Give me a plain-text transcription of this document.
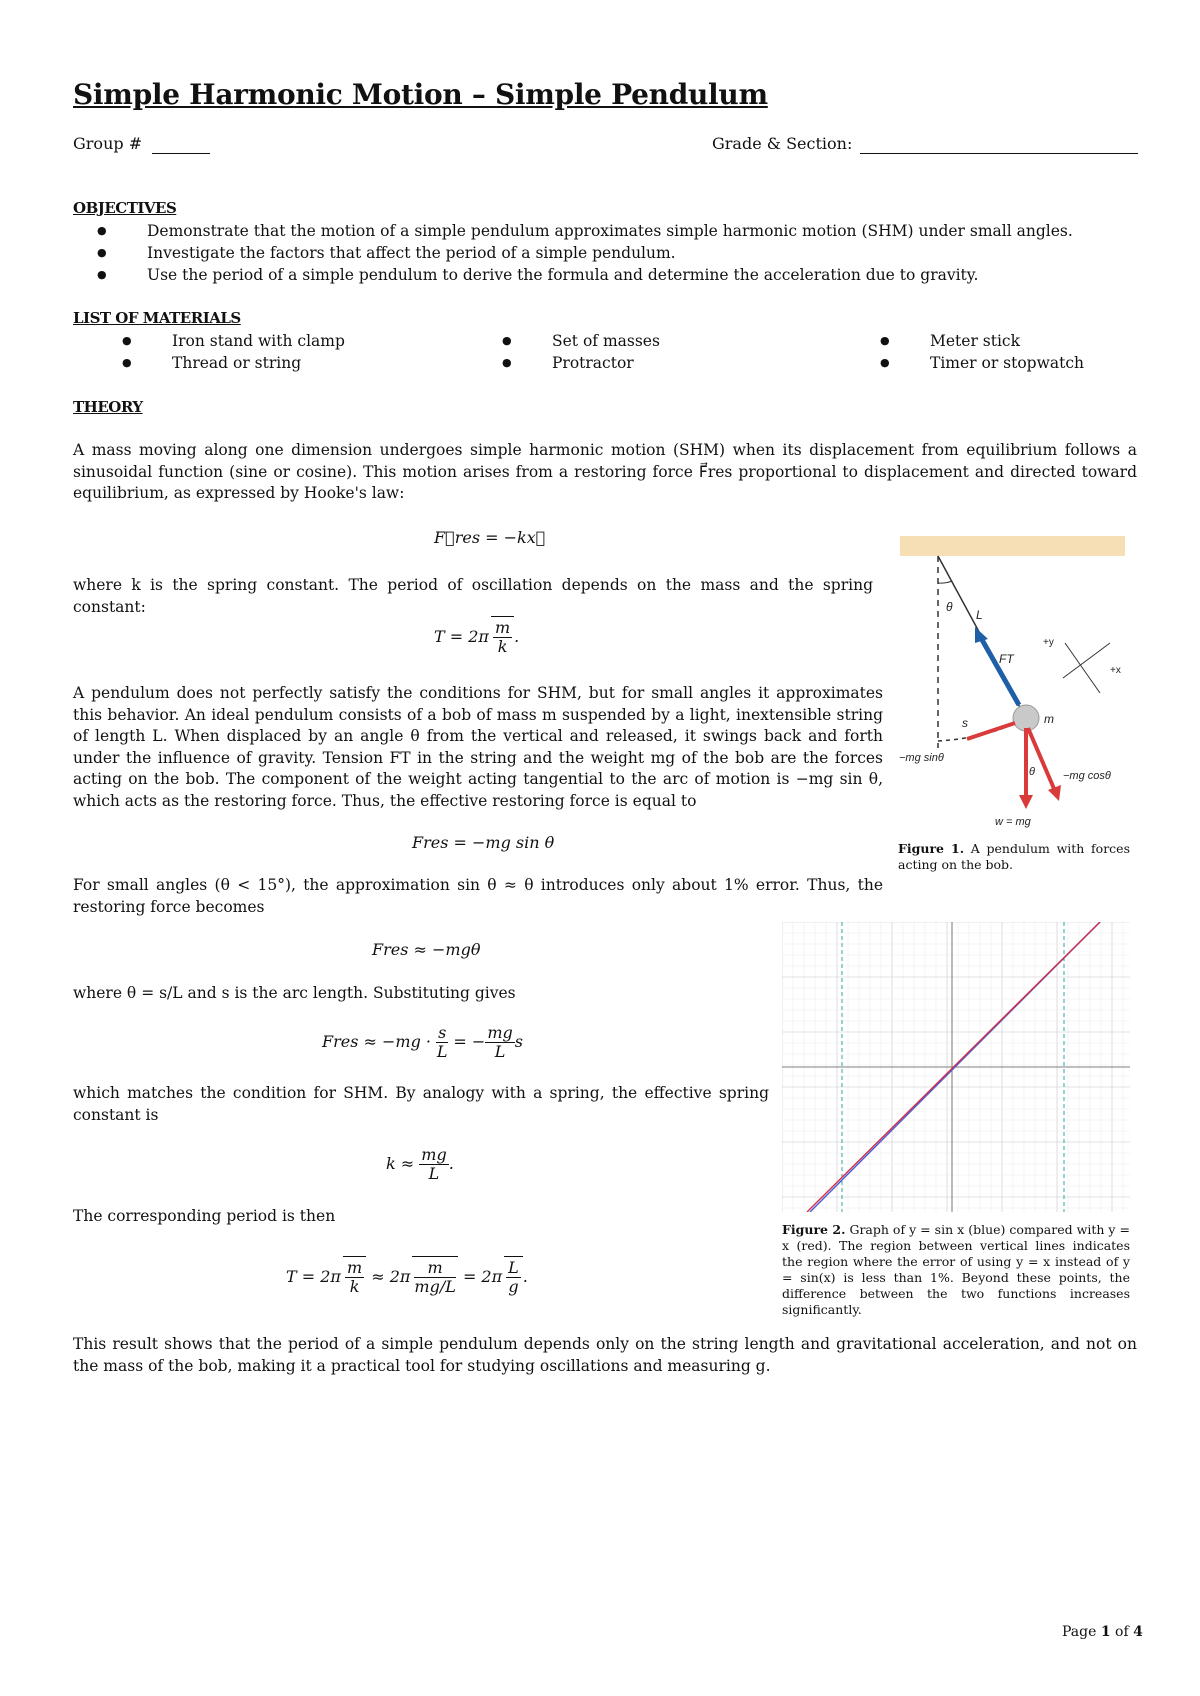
Simple Harmonic Motion – Simple Pendulum
Group #	Grade & Section:
OBJECTIVES
● Demonstrate that the motion of a simple pendulum approximates simple harmonic motion (SHM) under small angles.
● Investigate the factors that affect the period of a simple pendulum.
● Use the period of a simple pendulum to derive the formula and determine the acceleration due to gravity.
LIST OF MATERIALS
● Iron stand with clamp
● Thread or string
● Set of masses
● Protractor
● Meter stick
● Timer or stopwatch
THEORY
A mass moving along one dimension undergoes simple harmonic motion (SHM) when its displacement from equilibrium follows a sinusoidal function (sine or cosine). This motion arises from a restoring force F⃗res proportional to displacement and directed toward equilibrium, as expressed by Hooke's law:
F⃗res = −kx⃗
where k is the spring constant. The period of oscillation depends on the mass and the spring constant:
$T = 2\pi \frac{m}{k}$ .
A pendulum does not perfectly satisfy the conditions for SHM, but for small angles it approximates this behavior. An ideal pendulum consists of a bob of mass m suspended by a light, inextensible string of length L. When displaced by an angle θ from the vertical and released, it swings back and forth under the influence of gravity. Tension FT in the string and the weight mg of the bob are the forces acting on the bob. The component of the weight acting tangential to the arc of motion is −mg sin θ, which acts as the restoring force. Thus, the effective restoring force is equal to
Fres = −mg sin θ
For small angles (θ < 15°), the approximation sin θ ≈ θ introduces only about 1% error. Thus, the restoring force becomes
Fres ≈ −mgθ
where θ = s/L and s is the arc length. Substituting gives
Fres ≈ $-mg \cdot \frac{s}{L}$ = − $\frac{mg}{L}$ s
which matches the condition for SHM. By analogy with a spring, the effective spring constant is
$k \approx \frac{mg}{L}$ .
The corresponding period is then
$T = 2\pi \frac{m}{k} \approx 2\pi \frac{m}{mg/L} = 2\pi \frac{L}{g}$ .
This result shows that the period of a simple pendulum depends only on the string length and gravitational acceleration, and not on the mass of the bob, making it a practical tool for studying oscillations and measuring g.
θ
L
FT
+y
+x
m
s
−mg sinθ
θ	−mg cosθ
w = mg
Figure 1. A pendulum with forces acting on the bob.
Figure 2. Graph of y = sin x (blue) compared with y = x (red). The region between vertical lines indicates the region where the error of using y = x instead of y = sin(x) is less than 1%. Beyond these points, the difference between the two functions increases significantly.
Page 1 of 4
